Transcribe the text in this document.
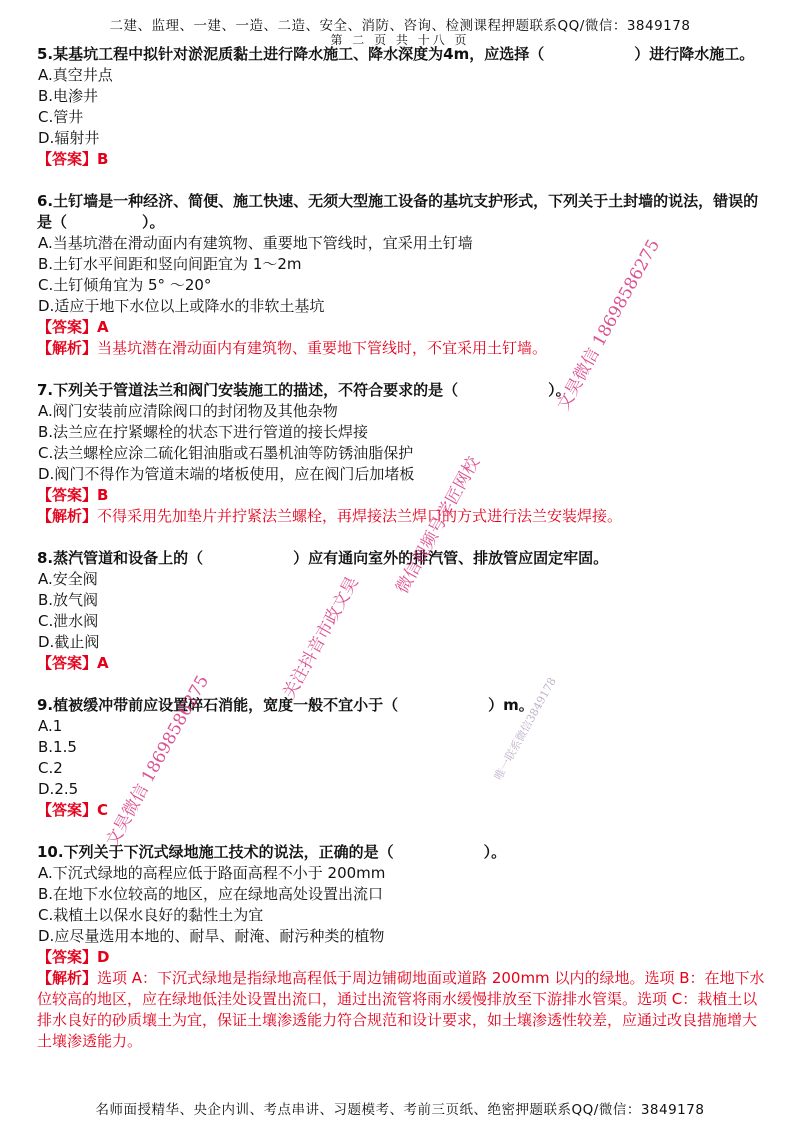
二建、监理、一建、一造、二造、安全、消防、咨询、检测课程押题联系QQ/微信：3849178
第 二 页 共 十八 页

5.某基坑工程中拟针对淤泥质黏土进行降水施工、降水深度为4m，应选择（　　　　　　）进行降水施工。

A.真空井点

B.电渗井

C.管井

D.辐射井

【答案】B

6.土钉墙是一种经济、简便、施工快速、无须大型施工设备的基坑支护形式，下列关于土封墙的说法，错误的是（　　　　　）。

A.当基坑潜在滑动面内有建筑物、重要地下管线时，宜采用土钉墙

B.土钉水平间距和竖向间距宜为 1～2m

C.土钉倾角宜为 5° ～20°

D.适应于地下水位以上或降水的非软土基坑

【答案】A

【解析】当基坑潜在滑动面内有建筑物、重要地下管线时，不宜采用土钉墙。

7.下列关于管道法兰和阀门安装施工的描述，不符合要求的是（　　　　　　）。

A.阀门安装前应清除阀口的封闭物及其他杂物

B.法兰应在拧紧螺栓的状态下进行管道的接长焊接

C.法兰螺栓应涂二硫化钼油脂或石墨机油等防锈油脂保护

D.阀门不得作为管道末端的堵板使用，应在阀门后加堵板

【答案】B

【解析】不得采用先加垫片并拧紧法兰螺栓，再焊接法兰焊口的方式进行法兰安装焊接。

8.蒸汽管道和设备上的（　　　　　　）应有通向室外的排汽管、排放管应固定牢固。

A.安全阀

B.放气阀

C.泄水阀

D.截止阀

【答案】A

9.植被缓冲带前应设置碎石消能，宽度一般不宜小于（　　　　　　）m。

A.1

B.1.5

C.2

D.2.5

【答案】C

10.下列关于下沉式绿地施工技术的说法，正确的是（　　　　　　）。

A.下沉式绿地的高程应低于路面高程不小于 200mm

B.在地下水位较高的地区，应在绿地高处设置出流口

C.栽植土以保水良好的黏性土为宜

D.应尽量选用本地的、耐旱、耐淹、耐污种类的植物

【答案】D

【解析】选项 A：下沉式绿地是指绿地高程低于周边铺砌地面或道路 200mm 以内的绿地。选项 B：在地下水位较高的地区，应在绿地低洼处设置出流口，通过出流管将雨水缓慢排放至下游排水管渠。选项 C：栽植土以排水良好的砂质壤土为宜，保证土壤渗透能力符合规范和设计要求，如土壤渗透性较差，应通过改良措施增大土壤渗透能力。

文昊微信 18698586275
微信视频号学匠网校
关注抖音市政文昊
文昊微信 18698586275	唯一联系微信3849178
名师面授精华、央企内训、考点串讲、习题模考、考前三页纸、绝密押题联系QQ/微信：3849178
